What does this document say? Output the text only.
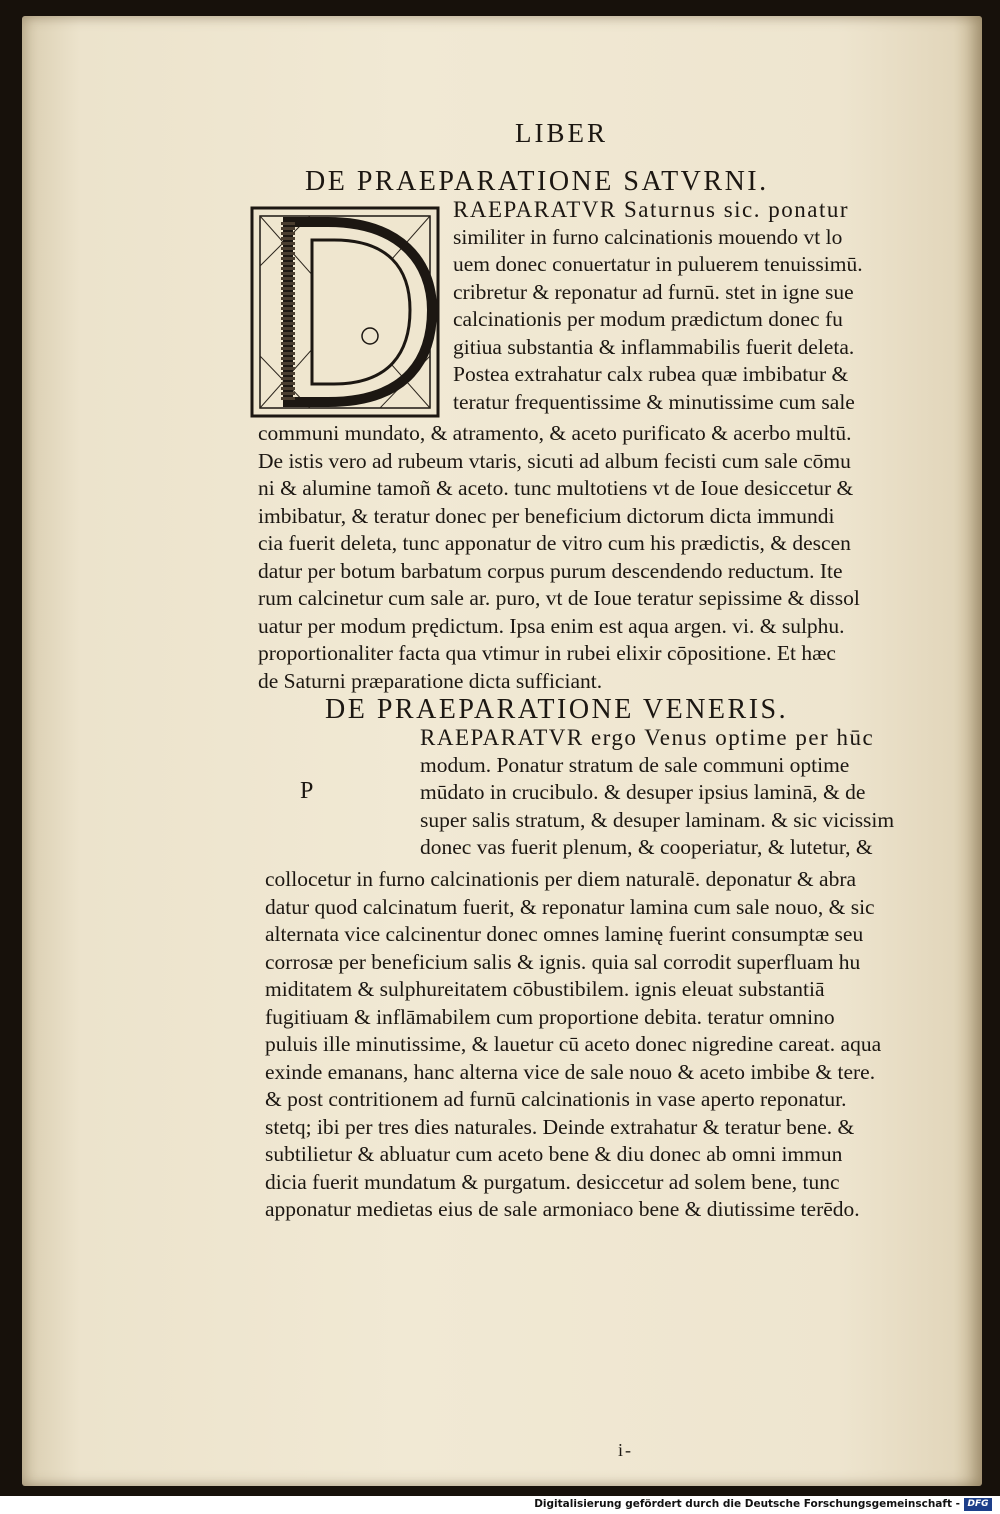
LIBER
DE PRAEPARATIONE SATVRNI.
RAEPARATVR Saturnus sic. ponatur
similiter in furno calcinationis mouendo vt lo
uem donec conuertatur in puluerem tenuissimū.
cribretur & reponatur ad furnū. stet in igne sue
calcinationis per modum prædictum donec fu
gitiua substantia & inflammabilis fuerit deleta.
Postea extrahatur calx rubea quæ imbibatur &
teratur frequentissime & minutissime cum sale
communi mundato, & atramento, & aceto purificato & acerbo multū.
De istis vero ad rubeum vtaris, sicuti ad album fecisti cum sale cōmu
ni & alumine tamoñ & aceto. tunc multotiens vt de Ioue desiccetur &
imbibatur, & teratur donec per beneficium dictorum dicta immundi
cia fuerit deleta, tunc apponatur de vitro cum his prædictis, & descen
datur per botum barbatum corpus purum descendendo reductum. Ite
rum calcinetur cum sale ar. puro, vt de Ioue teratur sepissime & dissol
uatur per modum prędictum. Ipsa enim est aqua argen. vi. & sulphu.
proportionaliter facta qua vtimur in rubei elixir cōpositione. Et hæc
de Saturni præparatione dicta sufficiant.
DE PRAEPARATIONE VENERIS.
P
RAEPARATVR ergo Venus optime per hūc
modum. Ponatur stratum de sale communi optime
mūdato in crucibulo. & desuper ipsius laminā, & de
super salis stratum, & desuper laminam. & sic vicissim
donec vas fuerit plenum, & cooperiatur, & lutetur, &
collocetur in furno calcinationis per diem naturalē. deponatur & abra
datur quod calcinatum fuerit, & reponatur lamina cum sale nouo, & sic
alternata vice calcinentur donec omnes laminę fuerint consumptæ seu
corrosæ per beneficium salis & ignis. quia sal corrodit superfluam hu
miditatem & sulphureitatem cōbustibilem. ignis eleuat substantiā
fugitiuam & inflāmabilem cum proportione debita. teratur omnino
puluis ille minutissime, & lauetur cū aceto donec nigredine careat. aqua
exinde emanans, hanc alterna vice de sale nouo & aceto imbibe & tere.
& post contritionem ad furnū calcinationis in vase aperto reponatur.
stetq; ibi per tres dies naturales. Deinde extrahatur & teratur bene. &
subtilietur & abluatur cum aceto bene & diu donec ab omni immun
dicia fuerit mundatum & purgatum. desiccetur ad solem bene, tunc
apponatur medietas eius de sale armoniaco bene & diutissime terēdo.
i-
Digitalisierung gefördert durch die Deutsche Forschungsgemeinschaft - DFG
